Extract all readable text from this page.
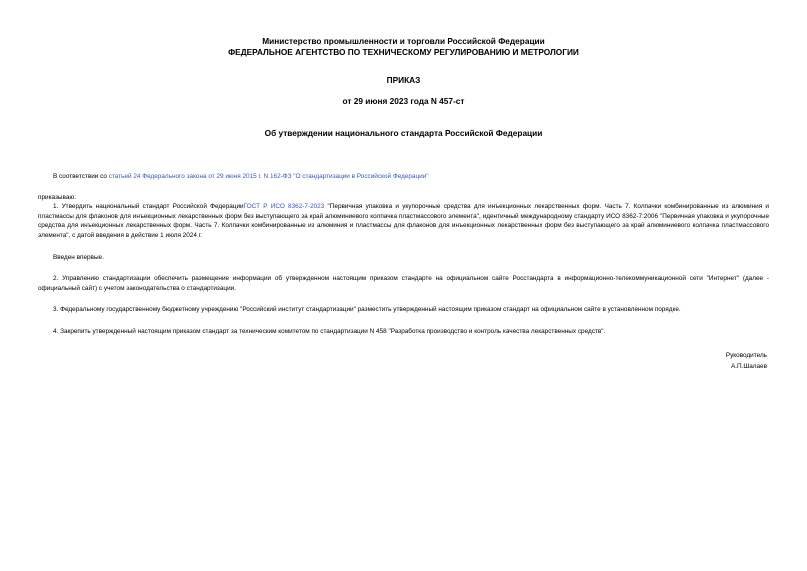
Министерство промышленности и торговли Российской Федерации
ФЕДЕРАЛЬНОЕ АГЕНТСТВО ПО ТЕХНИЧЕСКОМУ РЕГУЛИРОВАНИЮ И МЕТРОЛОГИИ
ПРИКАЗ
от 29 июня 2023 года N 457-ст
Об утверждении национального стандарта Российской Федерации
В соответствии со статьей 24 Федерального закона от 29 июня 2015 г. N 162-ФЗ "О стандартизации в Российской Федерации"
приказываю:
1. Утвердить национальный стандарт Российской ФедерацииГОСТ Р ИСО 8362-7-2023 "Первичная упаковка и укупорочные средства для инъекционных лекарственных форм. Часть 7. Колпачки комбинированные из алюминия и пластмассы для флаконов для инъекционных лекарственных форм без выступающего за край алюминиевого колпачка пластмассового элемента", идентичный международному стандарту ИСО 8362-7:2006 "Первичная упаковка и укупорочные средства для инъекционных лекарственных форм. Часть 7. Колпачки комбинированные из алюминия и пластмассы для флаконов для инъекционных лекарственных форм без выступающего за край алюминиевого колпачка пластмассового элемента", с датой введения в действие 1 июля 2024 г.
Введен впервые.
2. Управлению стандартизации обеспечить размещение информации об утвержденном настоящим приказом стандарте на официальном сайте Росстандарта в информационно-телекоммуникационной сети "Интернет" (далее - официальный сайт) с учетом законодательства о стандартизации.
3. Федеральному государственному бюджетному учреждению "Российский институт стандартизации" разместить утвержденный настоящим приказом стандарт на официальном сайте в установленном порядке.
4. Закрепить утвержденный настоящим приказом стандарт за техническим комитетом по стандартизации N 458 "Разработка производство и контроль качества лекарственных средств".
Руководитель
А.П.Шалаев
